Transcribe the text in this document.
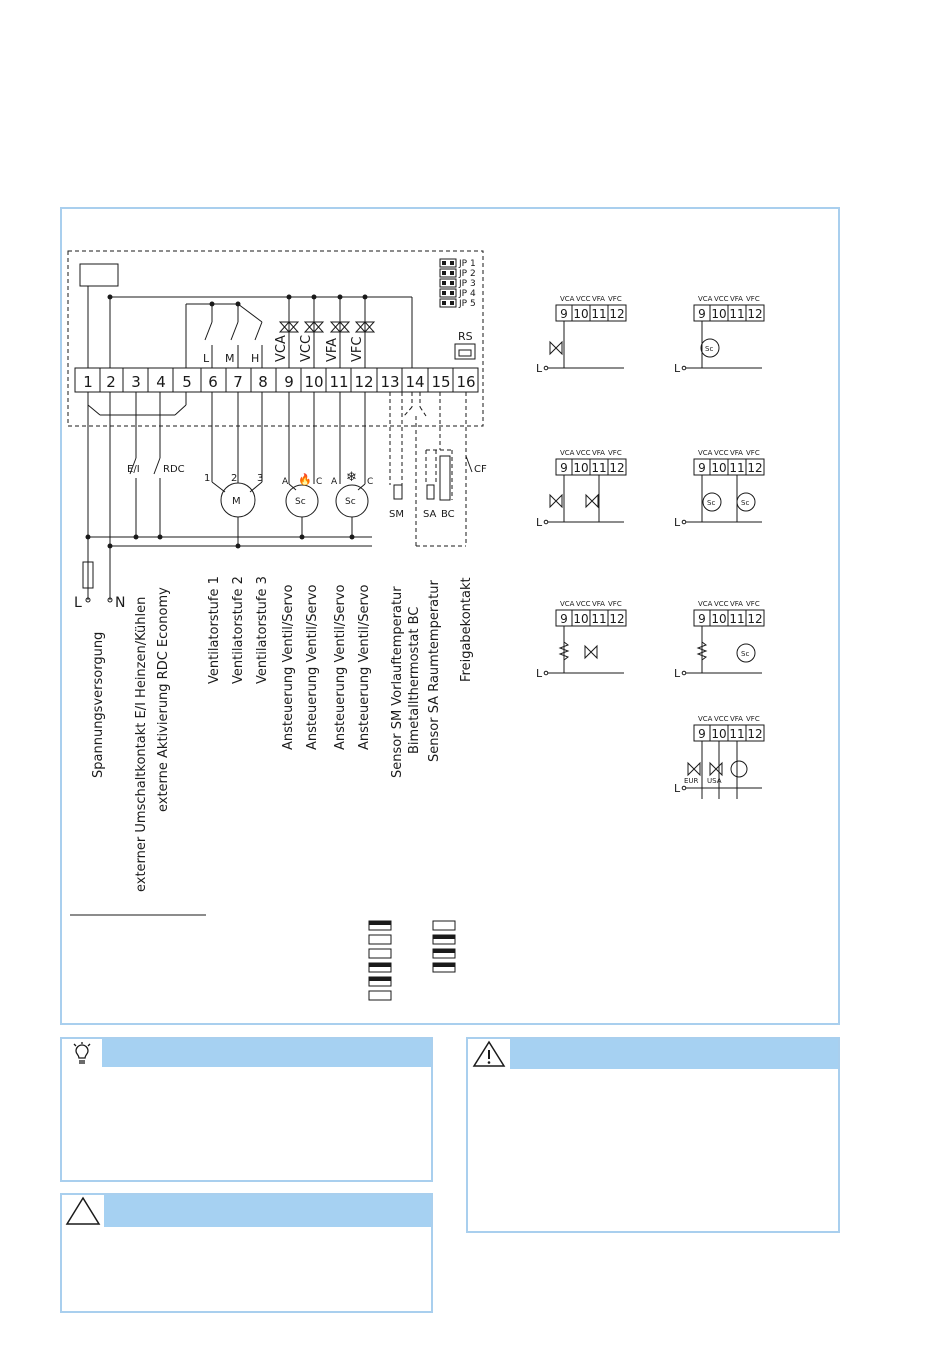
1 2 3 4 5 6 7 8 9 10 11 12 13 14 15 16
JP 1
JP 2
JP 3
JP 4
JP 5
RS
L M H VCA VCC VFA VFC
E/I RDC	CF
M
1 2 3
Sc
A	C
Sc
A	C
🔥	❄
SM SA BC
L N
Spannungsversorgung externer Umschaltkontakt E/I Heinzen/Kühlen externe Aktivierung RDC Economy	Ventilatorstufe 1 Ventilatorstufe 2 Ventilatorstufe 3 Ansteuerung Ventil/Servo Ansteuerung Ventil/Servo Ansteuerung Ventil/Servo Ansteuerung Ventil/Servo Sensor SM Vorlauftemperatur Bimetallthermostat BC Sensor SA Raumtemperatur Freigabekontakt
VCA VCC VFA VFC
9 10 11 12
L
VCA VCC VFA VFC
9 10 11 12
L
Sc
VCA VCC VFA VFC
9 10 11 12
L
VCA VCC VFA VFC
9 10 11 12
L
Sc	Sc
VCA VCC VFA VFC
9 10 11 12
L
VCA VCC VFA VFC
9 10 11 12
L
Sc
VCA VCC VFA VFC
9 10 11 12
L
EUR USA
